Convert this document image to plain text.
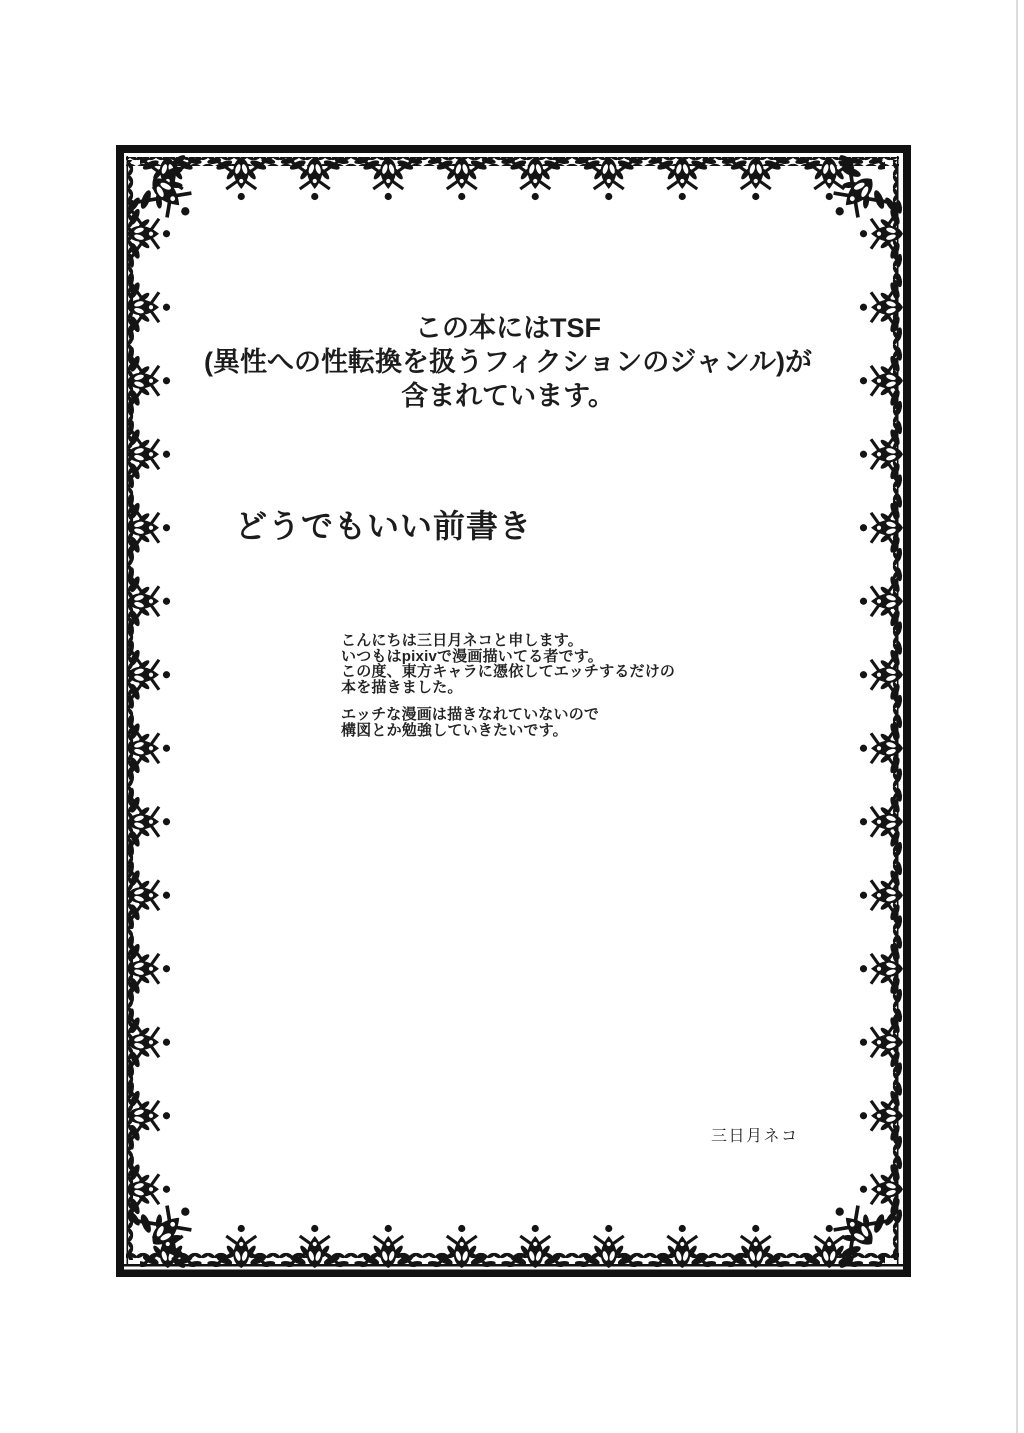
この本にはTSF
(異性への性転換を扱うフィクションのジャンル)が
含まれています。
どうでもいい前書き

こんにちは三日月ネコと申します。
いつもはpixivで漫画描いてる者です。
この度、東方キャラに憑依してエッチするだけの
本を描きました。

エッチな漫画は描きなれていないので
構図とか勉強していきたいです。

三日月ネコ
